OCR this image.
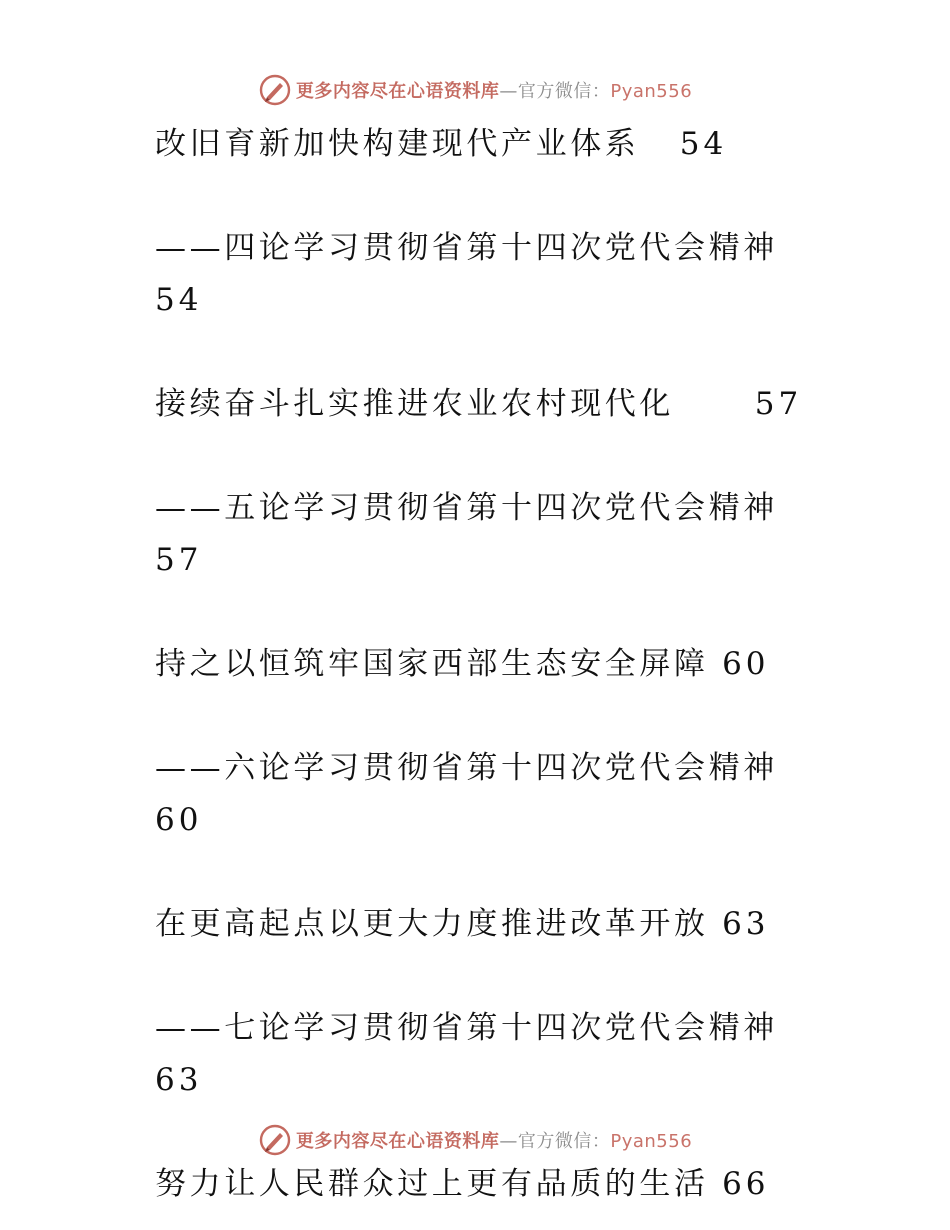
更多内容尽在心语资料库—官方微信：Pyan556
改旧育新加快构建现代产业体系 54
——四论学习贯彻省第十四次党代会精神
54
接续奋斗扎实推进农业农村现代化	57
——五论学习贯彻省第十四次党代会精神
57
持之以恒筑牢国家西部生态安全屏障 60
——六论学习贯彻省第十四次党代会精神
60
在更高起点以更大力度推进改革开放 63
——七论学习贯彻省第十四次党代会精神
63
努力让人民群众过上更有品质的生活 66
更多内容尽在心语资料库—官方微信：Pyan556
